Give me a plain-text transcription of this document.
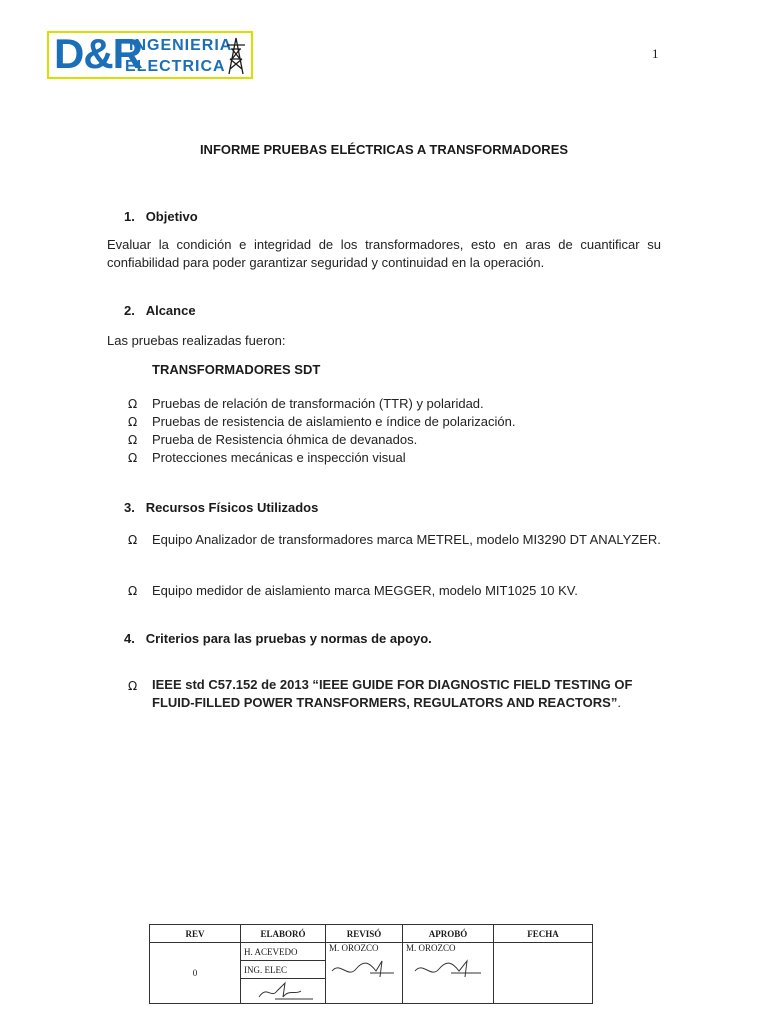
D&R
INGENIERIA
ELECTRICA
1
INFORME PRUEBAS ELÉCTRICAS A TRANSFORMADORES
1. Objetivo
Evaluar la condición e integridad de los transformadores, esto en aras de cuantificar su confiabilidad para poder garantizar seguridad y continuidad en la operación.
2. Alcance
Las pruebas realizadas fueron:
TRANSFORMADORES SDT
Ω Pruebas de relación de transformación (TTR) y polaridad.
Ω Pruebas de resistencia de aislamiento e índice de polarización.
Ω Prueba de Resistencia óhmica de devanados.
Ω Protecciones mecánicas e inspección visual
3. Recursos Físicos Utilizados
Ω Equipo Analizador de transformadores marca METREL, modelo MI3290 DT ANALYZER.
Ω Equipo medidor de aislamiento marca MEGGER, modelo MIT1025 10 KV.
4. Criterios para las pruebas y normas de apoyo.
Ω IEEE std C57.152 de 2013 “IEEE GUIDE FOR DIAGNOSTIC FIELD TESTING OF FLUID-FILLED POWER TRANSFORMERS, REGULATORS AND REACTORS”.
REV	ELABORÓ	REVISÓ	APROBÓ	FECHA
0	H. ACEVEDO	M. OROZCO	M. OROZCO

	ING. ELEC			
